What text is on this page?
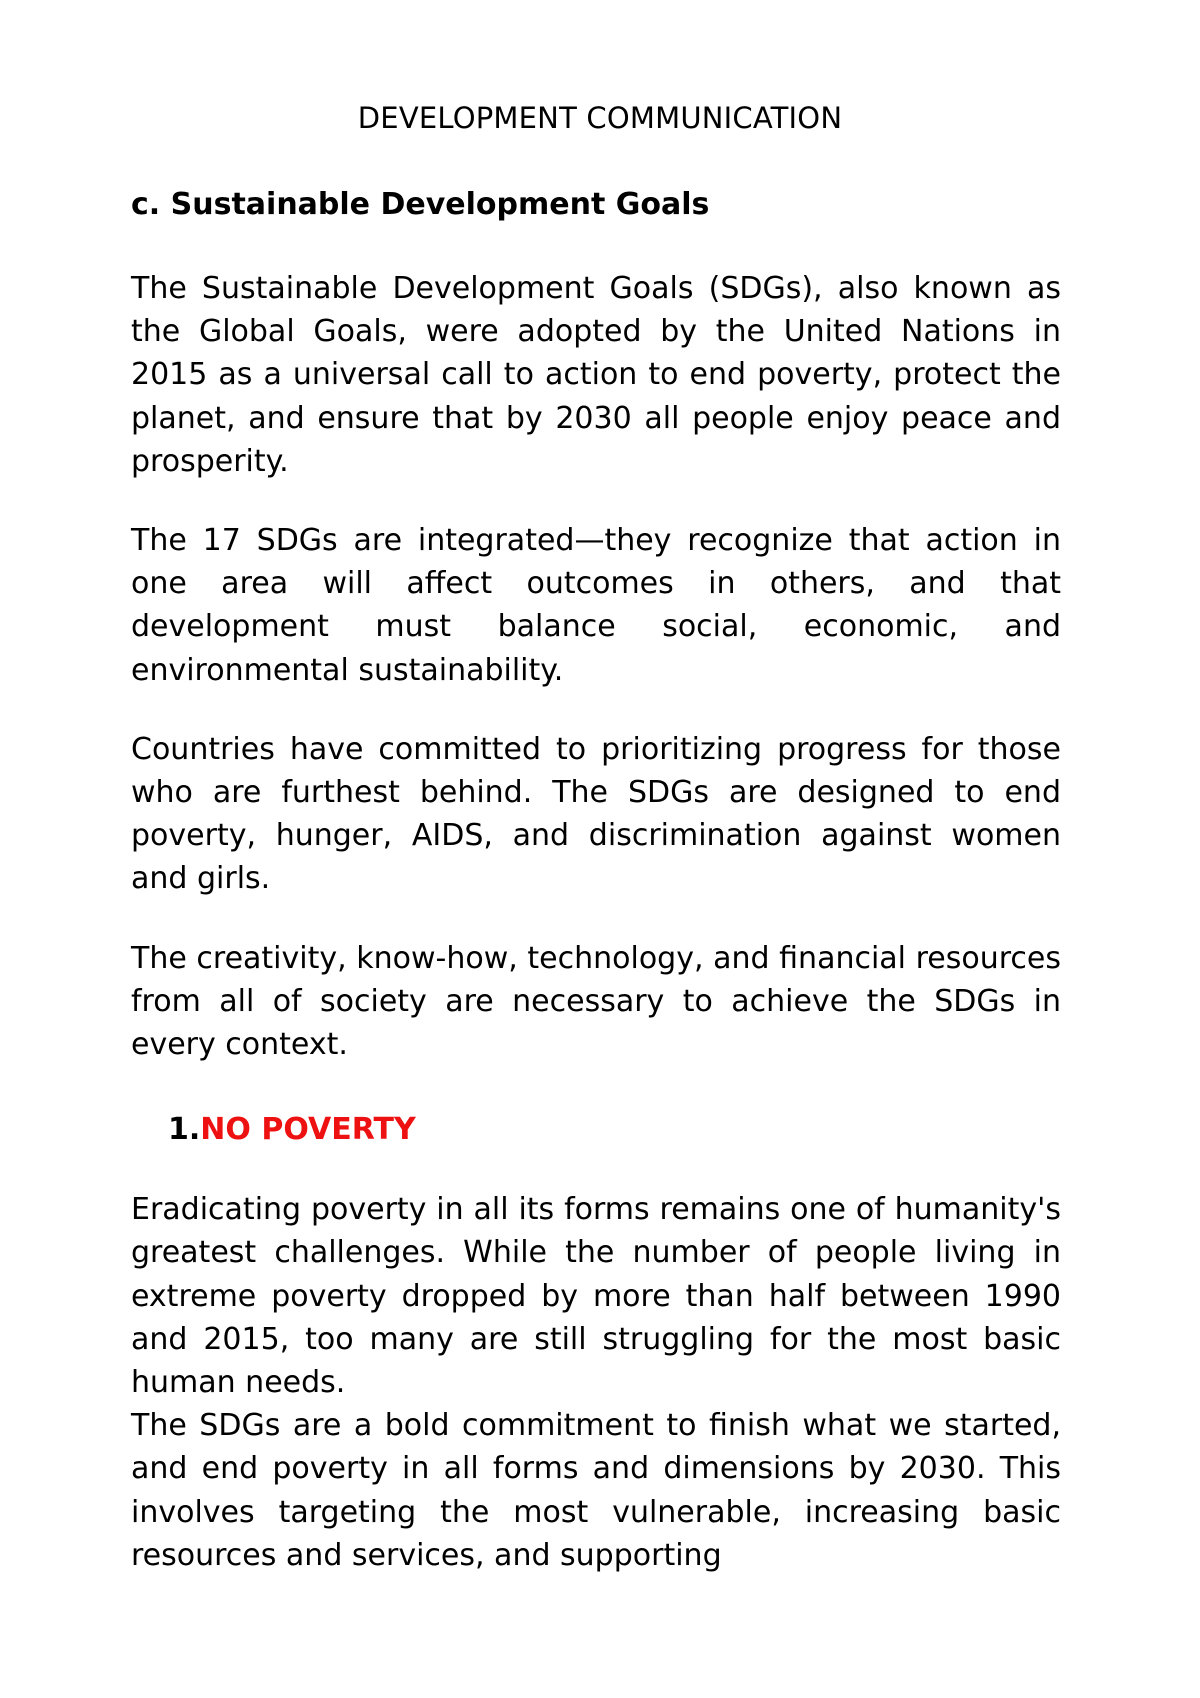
DEVELOPMENT COMMUNICATION
c. Sustainable Development Goals

The Sustainable Development Goals (SDGs), also known as the Global Goals, were adopted by the United Nations in 2015 as a universal call to action to end poverty, protect the planet, and ensure that by 2030 all people enjoy peace and prosperity.

The 17 SDGs are integrated—they recognize that action in one area will affect outcomes in others, and that development must balance social, economic, and environmental sustainability.

Countries have committed to prioritizing progress for those who are furthest behind. The SDGs are designed to end poverty, hunger, AIDS, and discrimination against women and girls.

The creativity, know-how, technology, and financial resources from all of society are necessary to achieve the SDGs in every context.

1.NO POVERTY

Eradicating poverty in all its forms remains one of humanity's greatest challenges. While the number of people living in extreme poverty dropped by more than half between 1990 and 2015, too many are still struggling for the most basic human needs.

The SDGs are a bold commitment to finish what we started, and end poverty in all forms and dimensions by 2030. This involves targeting the most vulnerable, increasing basic resources and services, and supporting
